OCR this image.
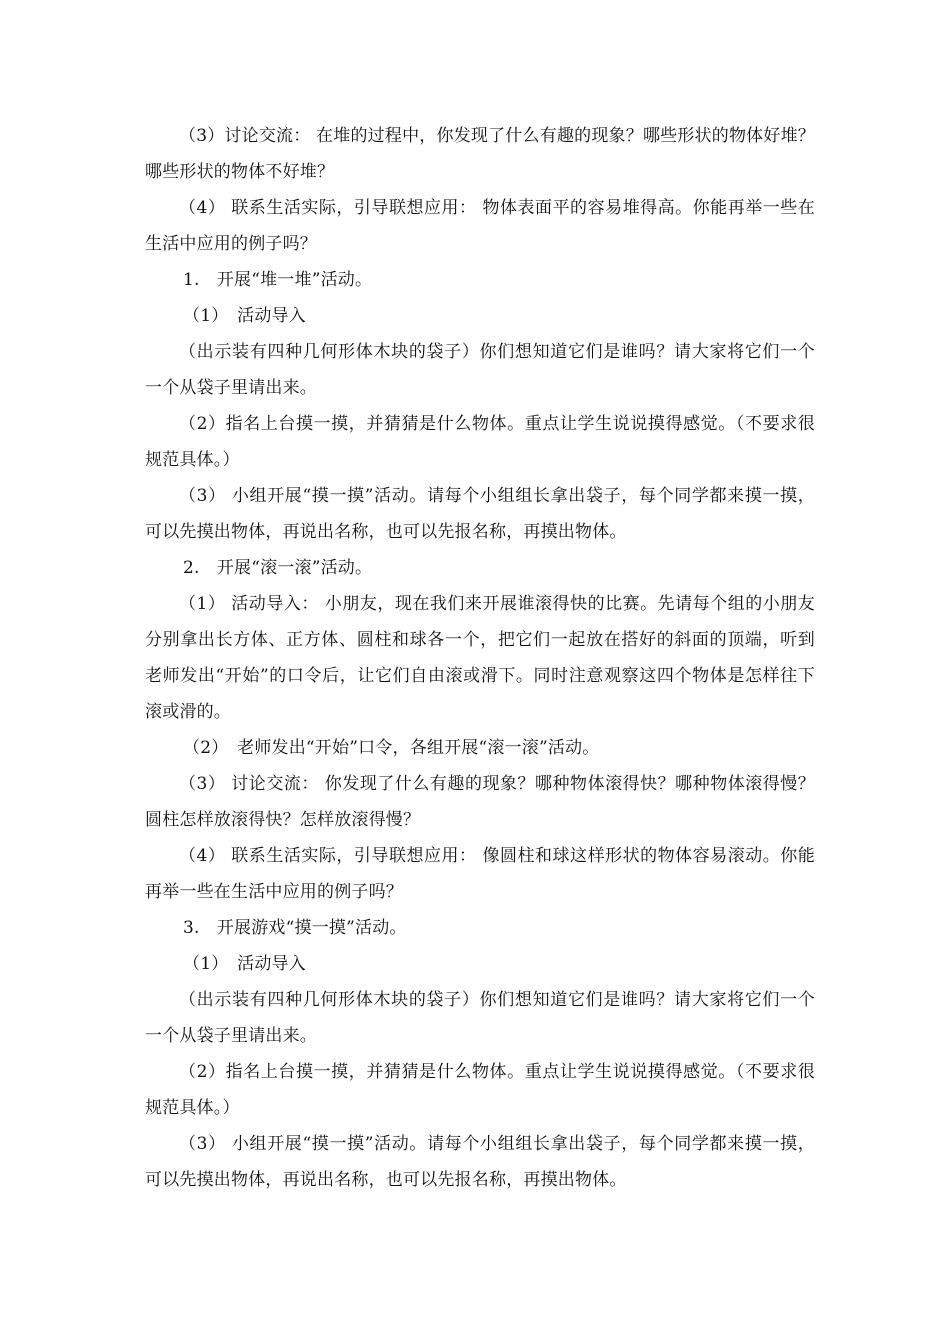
（3）讨论交流： 在堆的过程中，你发现了什么有趣的现象？哪些形状的物体好堆？哪些形状的物体不好堆？

（4） 联系生活实际，引导联想应用： 物体表面平的容易堆得高。你能再举一些在生活中应用的例子吗？

1.　开展“堆一堆”活动。

（1）　活动导入

（出示装有四种几何形体木块的袋子）你们想知道它们是谁吗？请大家将它们一个一个从袋子里请出来。

（2）指名上台摸一摸，并猜猜是什么物体。重点让学生说说摸得感觉。（不要求很规范具体。）

（3） 小组开展“摸一摸”活动。请每个小组组长拿出袋子，每个同学都来摸一摸，可以先摸出物体，再说出名称，也可以先报名称，再摸出物体。

2.　开展“滚一滚”活动。

（1） 活动导入： 小朋友，现在我们来开展谁滚得快的比赛。先请每个组的小朋友分别拿出长方体、正方体、圆柱和球各一个，把它们一起放在搭好的斜面的顶端，听到老师发出“开始”的口令后，让它们自由滚或滑下。同时注意观察这四个物体是怎样往下滚或滑的。

（2）　老师发出“开始”口令，各组开展“滚一滚”活动。

（3） 讨论交流： 你发现了什么有趣的现象？哪种物体滚得快？哪种物体滚得慢？ 圆柱怎样放滚得快？怎样放滚得慢？

（4） 联系生活实际，引导联想应用： 像圆柱和球这样形状的物体容易滚动。你能再举一些在生活中应用的例子吗？

3.　开展游戏“摸一摸”活动。

（1）　活动导入

（出示装有四种几何形体木块的袋子）你们想知道它们是谁吗？请大家将它们一个一个从袋子里请出来。

（2）指名上台摸一摸，并猜猜是什么物体。重点让学生说说摸得感觉。（不要求很规范具体。）

（3） 小组开展“摸一摸”活动。请每个小组组长拿出袋子，每个同学都来摸一摸，可以先摸出物体，再说出名称，也可以先报名称，再摸出物体。
